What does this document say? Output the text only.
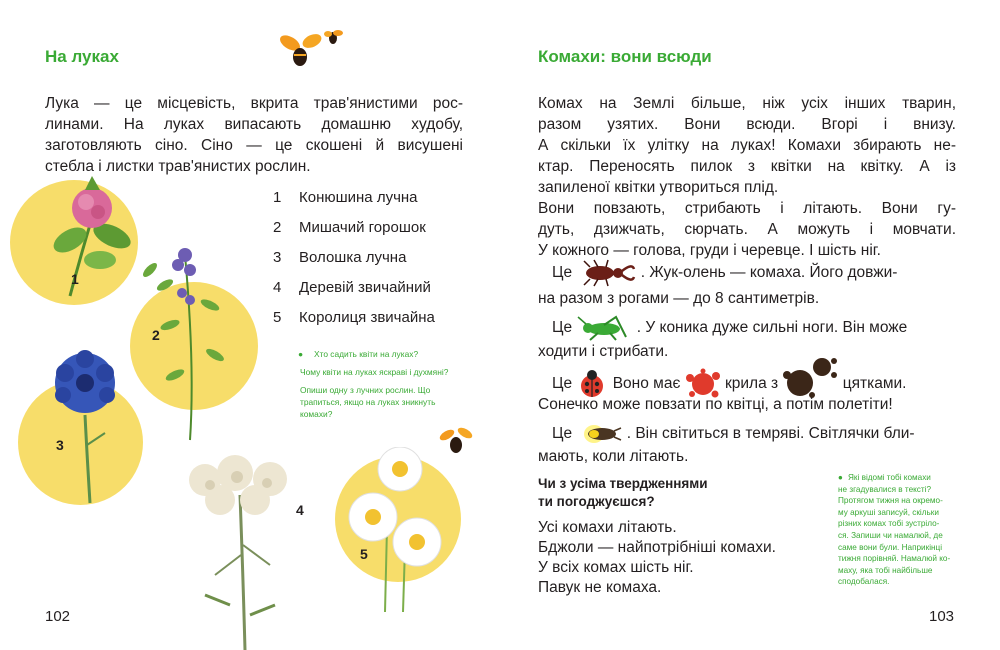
На луках

Лука — це місцевість, вкрита трав'янистими рос-

линами. На луках випасають домашню худобу,

заготовляють сіно. Сіно — це скошені й висушені

стебла і листки трав'янистих рослин.

1
2
3
4
5
1 Конюшина лучна
2 Мишачий горошок
3 Волошка лучна
4 Деревій звичайний
5 Королиця звичайна
● Хто садить квіти на луках?
Чому квіти на луках яскраві і духмяні?
Опиши одну з лучних рослин. Що
трапиться, якщо на луках зникнуть
комахи?
102
Комахи: вони всюди

Комах на Землі більше, ніж усіх інших тварин,

разом узятих. Вони всюди. Вгорі і внизу.

А скільки їх улітку на луках! Комахи збирають не-

ктар. Переносять пилок з квітки на квітку. А із

запиленої квітки утвориться плід.

Вони повзають, стрибають і літають. Вони гу-

дуть, дзижчать, сюрчать. А можуть і мовчати.

У кожного — голова, груди і черевце. І шість ніг.

Це	. Жук-олень — комаха. Його довжи-
на разом з рогами — до 8 сантиметрів.
Це	. У коника дуже сильні ноги. Він може
ходити і стрибати.
Це	Воно має	крила з	цятками.
Сонечко може повзати по квітці, а потім полетіти!
Це	. Він світиться в темряві. Світлячки бли-
мають, коли літають.
Чи з усіма твердженнями
ти погоджуєшся?
Усі комахи літають.
Бджоли — найпотрібніші комахи.
У всіх комах шість ніг.
Павук не комаха.
● Які відомі тобі комахи
не згадувалися в тексті?
Протягом тижня на окремо-
му аркуші записуй, скільки
різних комах тобі зустріло-
ся. Запиши чи намалюй, де
саме вони були. Наприкінці
тижня порівняй. Намалюй ко-
маху, яка тобі найбільше
сподобалася.
103
